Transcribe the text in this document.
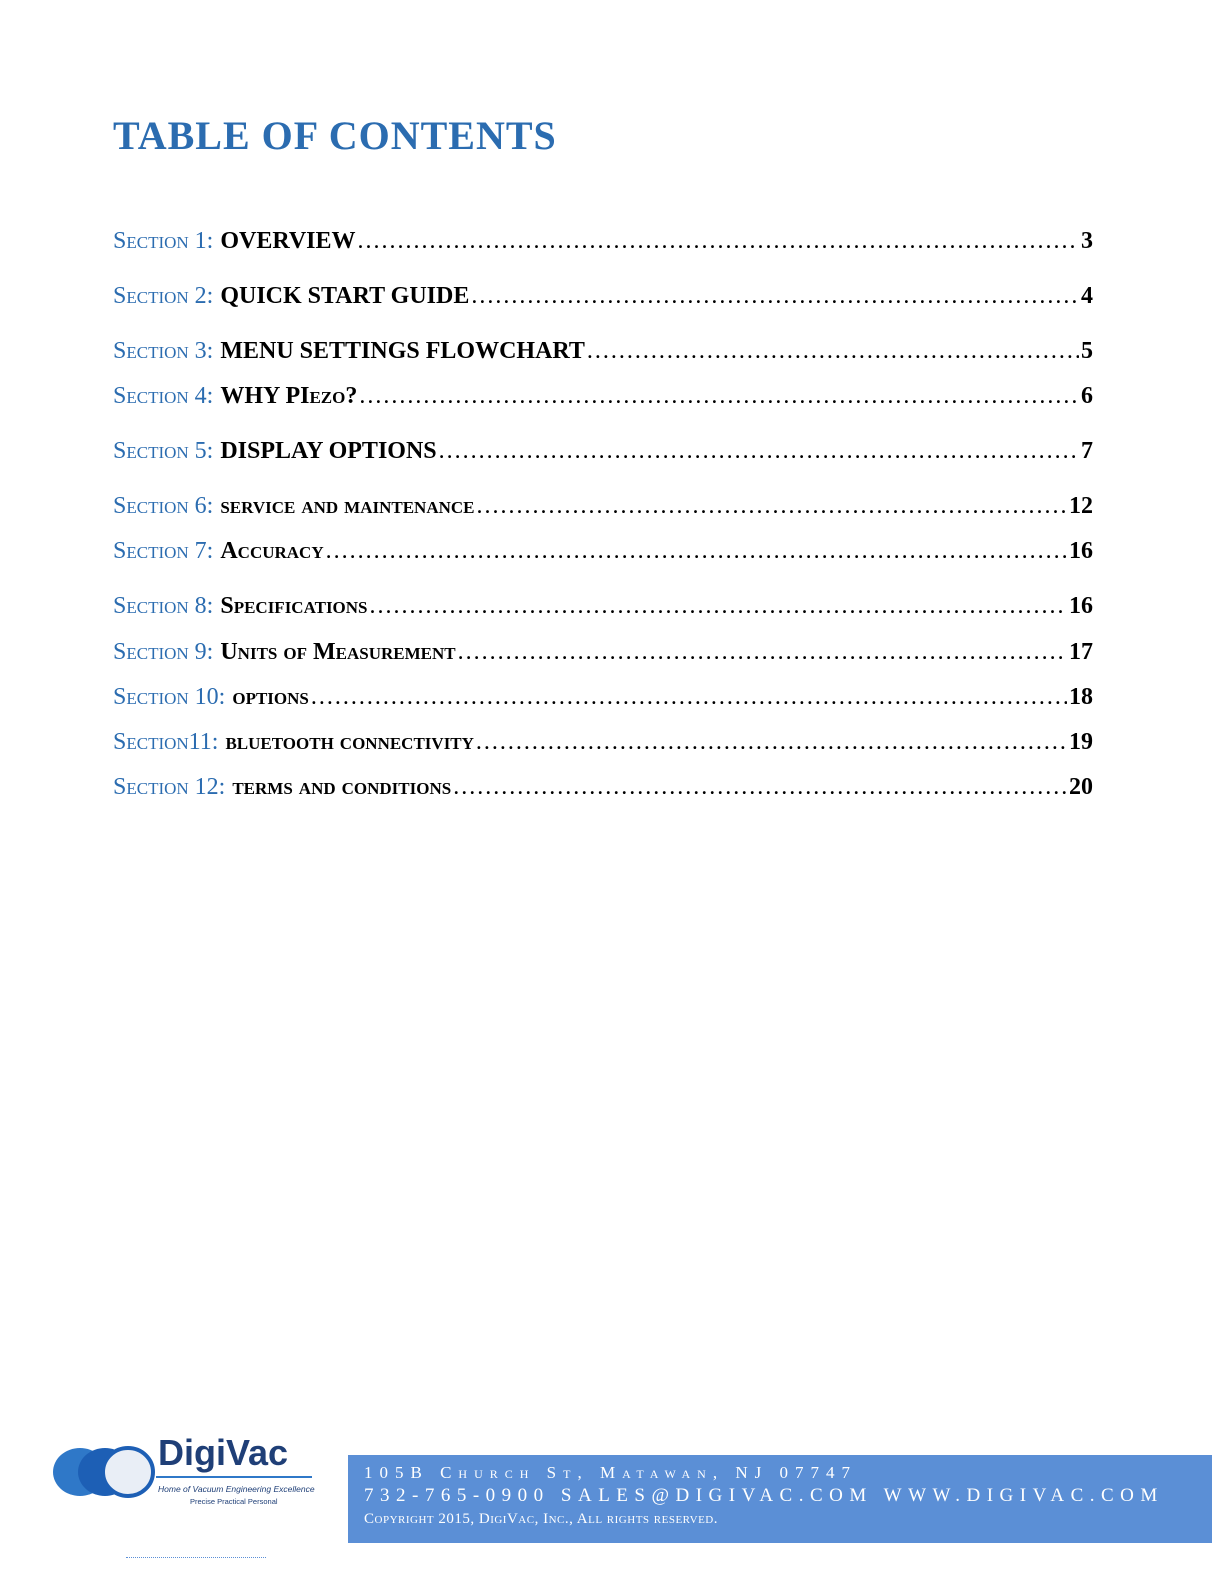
TABLE OF CONTENTS
Section 1: OVERVIEW . . .	3
Section 2: QUICK START GUIDE . . .	4
Section 3: MENU SETTINGS FLOWCHART . . .	5
Section 4: WHY PIezo? . . .	6
Section 5: DISPLAY OPTIONS . . .	7
Section 6: service and maintenance . . .	12
Section 7: Accuracy . . .	16
Section 8: Specifications . . .	16
Section 9: Units of Measurement . . .	17
Section 10: options . . .	18
Section11: bluetooth connectivity . . .	19
Section 12: terms and conditions . . .	20
DigiVac
Home of Vacuum Engineering Excellence
Precise Practical Personal
105B Church St, Matawan, NJ 07747
732-765-0900 SALES@DIGIVAC.COM WWW.DIGIVAC.COM
Copyright 2015, DigiVac, Inc., All rights reserved.
